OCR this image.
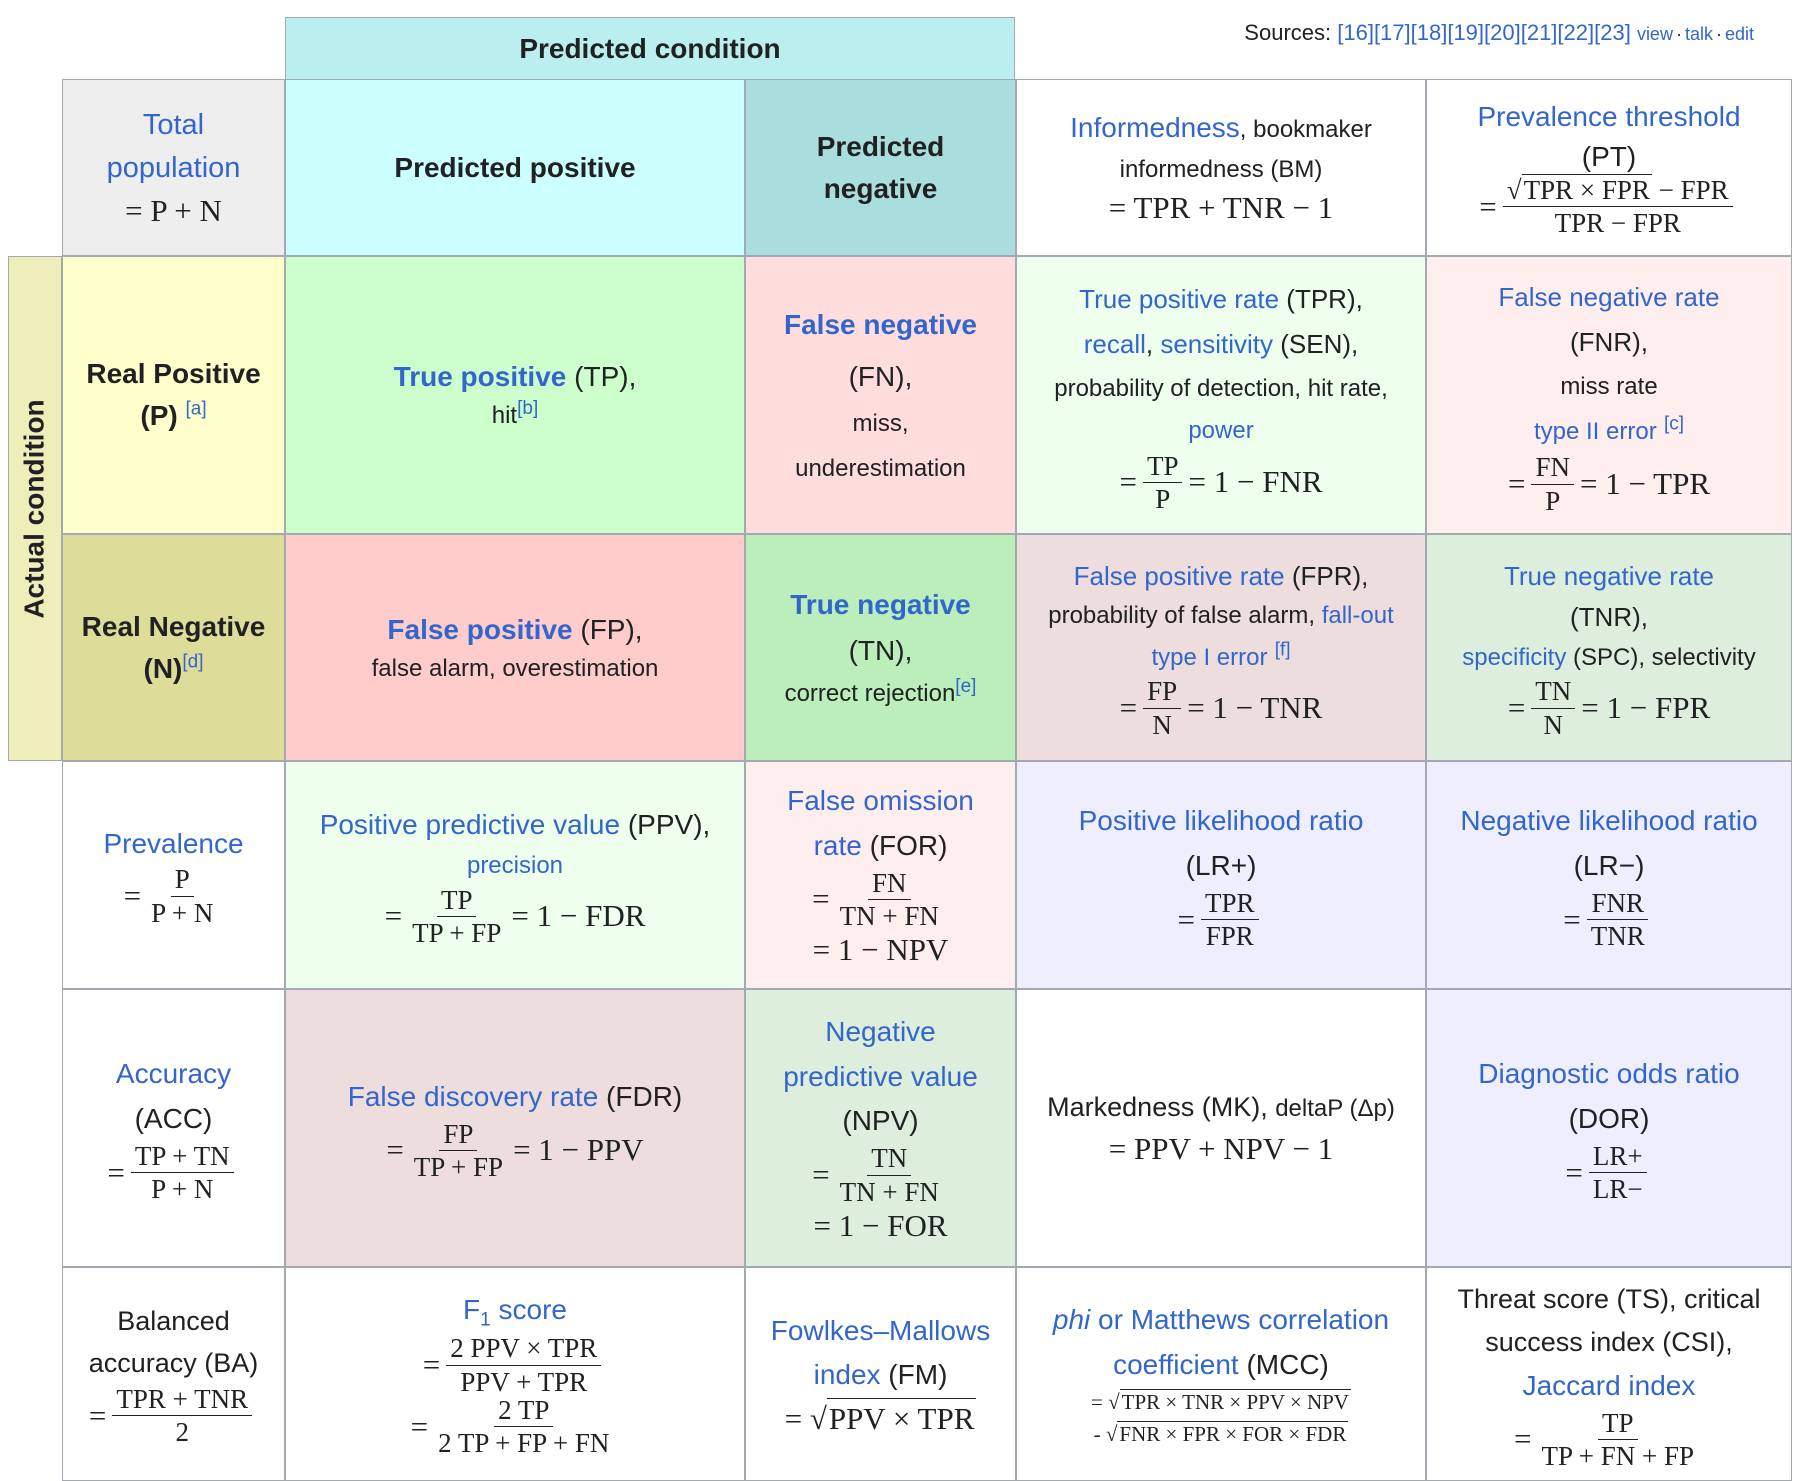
Sources: [16][17][18][19][20][21][22][23] view · talk · edit
Predicted condition
Actual condition
Total population
= P + N
Predicted positive
Predicted negative
Informedness, bookmaker informedness (BM)
= TPR + TNR − 1
Prevalence threshold
(PT)
= $\frac{\text{√TPR × FPR − FPR}}{\text{TPR − FPR}}$
Real Positive
(P) [a]
True positive (TP),
hit[b]
False negative
(FN),
miss,
underestimation
True positive rate (TPR),
recall, sensitivity (SEN),
probability of detection, hit rate,
power
= $\frac{TP}{P} = 1$ − FNR
False negative rate
(FNR),
miss rate
type II error [c]
= $\frac{FN}{P} = 1$ − TPR
Real Negative
(N)[d]
False positive (FP),
false alarm, overestimation
True negative
(TN),
correct rejection[e]
False positive rate (FPR),
probability of false alarm, fall-out
type I error [f]
= $\frac{FP}{N} = 1$ − TNR
True negative rate
(TNR),
specificity (SPC), selectivity
= $\frac{TN}{N} = 1$ − FPR
Prevalence
= $\frac{P}{P + N}$
Positive predictive value (PPV),
precision
= $\frac{TP}{TP + FP} = 1$ − FDR
False omission
rate (FOR)
= $\frac{FN}{TN + FN}$
= 1 − NPV
Positive likelihood ratio
(LR+)
= $\frac{\text{TPR}}{\text{FPR}}$
Negative likelihood ratio
(LR−)
= $\frac{\text{FNR}}{\text{TNR}}$
Accuracy
(ACC)
= $\frac{TP + TN}{P + N}$
False discovery rate (FDR)
= $\frac{FP}{TP + FP} = 1$ − PPV
Negative
predictive value
(NPV)
= $\frac{TN}{TN + FN}$
= 1 − FOR
Markedness (MK), deltaP (Δp)
= PPV + NPV − 1
Diagnostic odds ratio
(DOR)
= $\frac{LR+}{LR-}$
Balanced
accuracy (BA)
= $\frac{\text{TPR + TNR}}{2}$
$F_1$ score
= $\frac{\text{2 PPV × TPR}}{\text{PPV + TPR}}$
= $\frac{2 TP}{2 TP + FP + FN}$
Fowlkes–Mallows
index (FM)
=
√ PPV × TPR
phi or Matthews correlation
coefficient (MCC)
= √TPR × TNR × PPV × NPV
- √FNR × FPR × FOR × FDR
Threat score (TS), critical
success index (CSI),
Jaccard index
= $\frac{TP}{TP + FN + FP}$
